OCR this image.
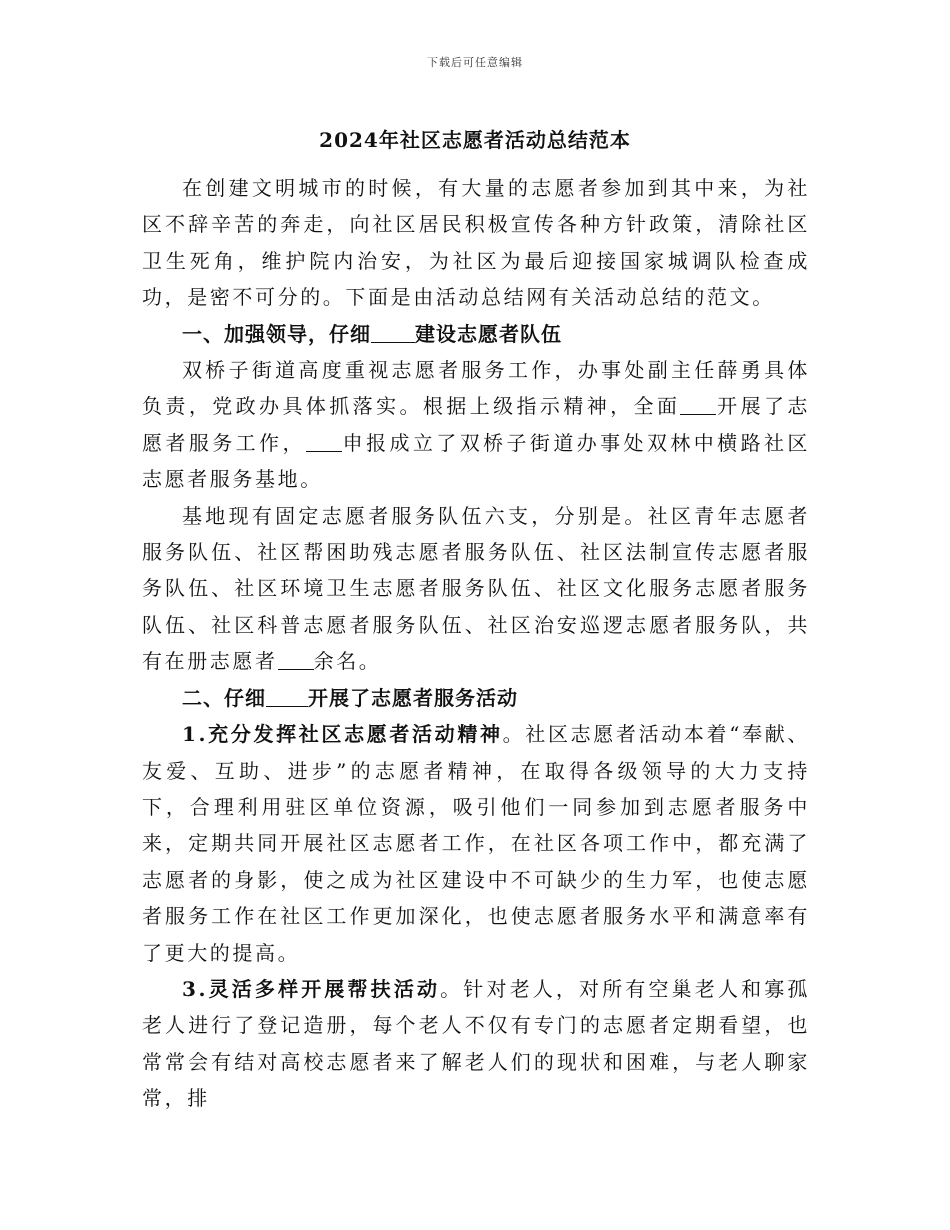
下载后可任意编辑
2024年社区志愿者活动总结范本

在创建文明城市的时候，有大量的志愿者参加到其中来，为社区不辞辛苦的奔走，向社区居民积极宣传各种方针政策，清除社区卫生死角，维护院内治安，为社区为最后迎接国家城调队检查成功，是密不可分的。下面是由活动总结网有关活动总结的范文。

一、加强领导，仔细 建设志愿者队伍

双桥子街道高度重视志愿者服务工作，办事处副主任薛勇具体负责，党政办具体抓落实。根据上级指示精神，全面 开展了志愿者服务工作， 申报成立了双桥子街道办事处双林中横路社区志愿者服务基地。

基地现有固定志愿者服务队伍六支，分别是。社区青年志愿者服务队伍、社区帮困助残志愿者服务队伍、社区法制宣传志愿者服务队伍、社区环境卫生志愿者服务队伍、社区文化服务志愿者服务队伍、社区科普志愿者服务队伍、社区治安巡逻志愿者服务队，共有在册志愿者 余名。

二、仔细 开展了志愿者服务活动

1.充分发挥社区志愿者活动精神。社区志愿者活动本着“奉献、友爱、互助、进步”的志愿者精神，在取得各级领导的大力支持下，合理利用驻区单位资源，吸引他们一同参加到志愿者服务中来，定期共同开展社区志愿者工作，在社区各项工作中，都充满了志愿者的身影，使之成为社区建设中不可缺少的生力军，也使志愿者服务工作在社区工作更加深化，也使志愿者服务水平和满意率有了更大的提高。

3.灵活多样开展帮扶活动。针对老人，对所有空巢老人和寡孤老人进行了登记造册，每个老人不仅有专门的志愿者定期看望，也常常会有结对高校志愿者来了解老人们的现状和困难，与老人聊家常，排
